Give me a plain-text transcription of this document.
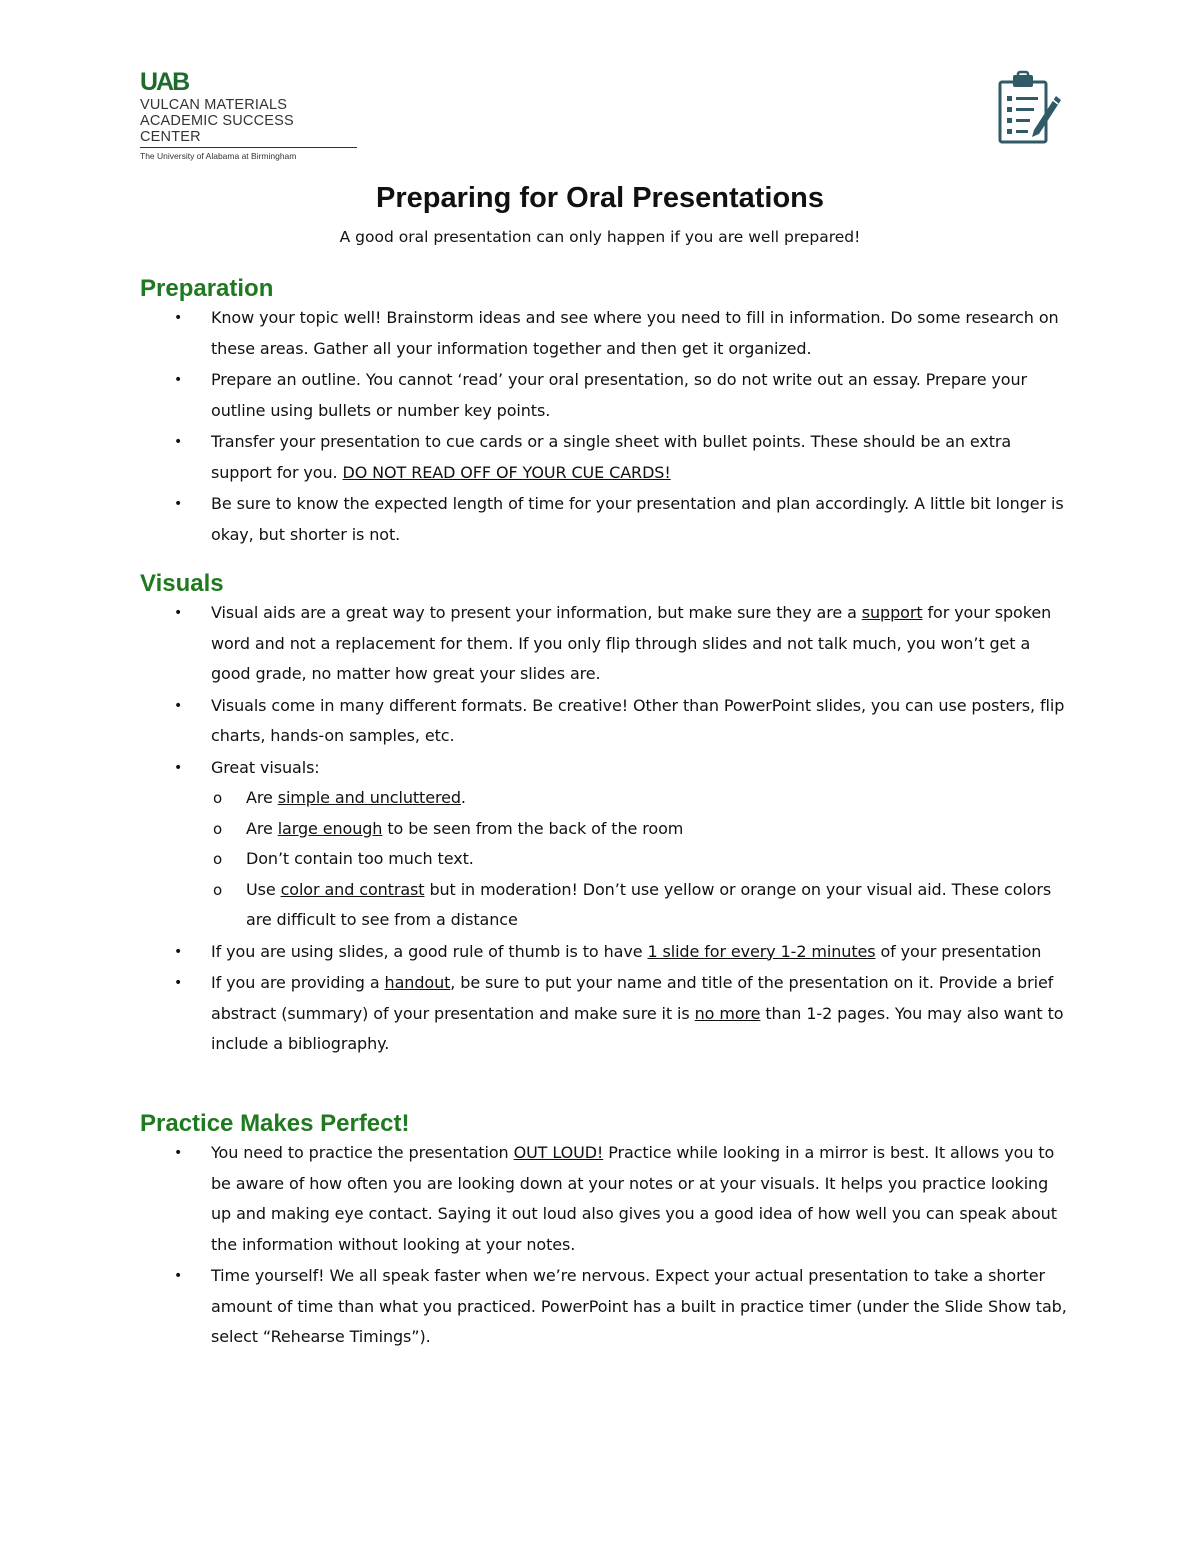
UAB
VULCAN MATERIALS
ACADEMIC SUCCESS CENTER
The University of Alabama at Birmingham
Preparing for Oral Presentations
A good oral presentation can only happen if you are well prepared!
Preparation
• Know your topic well! Brainstorm ideas and see where you need to fill in information. Do some research on these areas. Gather all your information together and then get it organized.
• Prepare an outline. You cannot ‘read’ your oral presentation, so do not write out an essay. Prepare your outline using bullets or number key points.
• Transfer your presentation to cue cards or a single sheet with bullet points. These should be an extra support for you. DO NOT READ OFF OF YOUR CUE CARDS!
• Be sure to know the expected length of time for your presentation and plan accordingly. A little bit longer is okay, but shorter is not.
Visuals
• Visual aids are a great way to present your information, but make sure they are a support for your spoken word and not a replacement for them. If you only flip through slides and not talk much, you won’t get a good grade, no matter how great your slides are.
• Visuals come in many different formats. Be creative! Other than PowerPoint slides, you can use posters, flip charts, hands-on samples, etc.
• Great visuals:
o Are simple and uncluttered.
o Are large enough to be seen from the back of the room
o Don’t contain too much text.
o Use color and contrast but in moderation! Don’t use yellow or orange on your visual aid. These colors are difficult to see from a distance
• If you are using slides, a good rule of thumb is to have 1 slide for every 1-2 minutes of your presentation
• If you are providing a handout, be sure to put your name and title of the presentation on it. Provide a brief abstract (summary) of your presentation and make sure it is no more than 1-2 pages. You may also want to include a bibliography.
Practice Makes Perfect!
• You need to practice the presentation OUT LOUD! Practice while looking in a mirror is best. It allows you to be aware of how often you are looking down at your notes or at your visuals. It helps you practice looking up and making eye contact. Saying it out loud also gives you a good idea of how well you can speak about the information without looking at your notes.
• Time yourself! We all speak faster when we’re nervous. Expect your actual presentation to take a shorter amount of time than what you practiced. PowerPoint has a built in practice timer (under the Slide Show tab, select “Rehearse Timings”).
